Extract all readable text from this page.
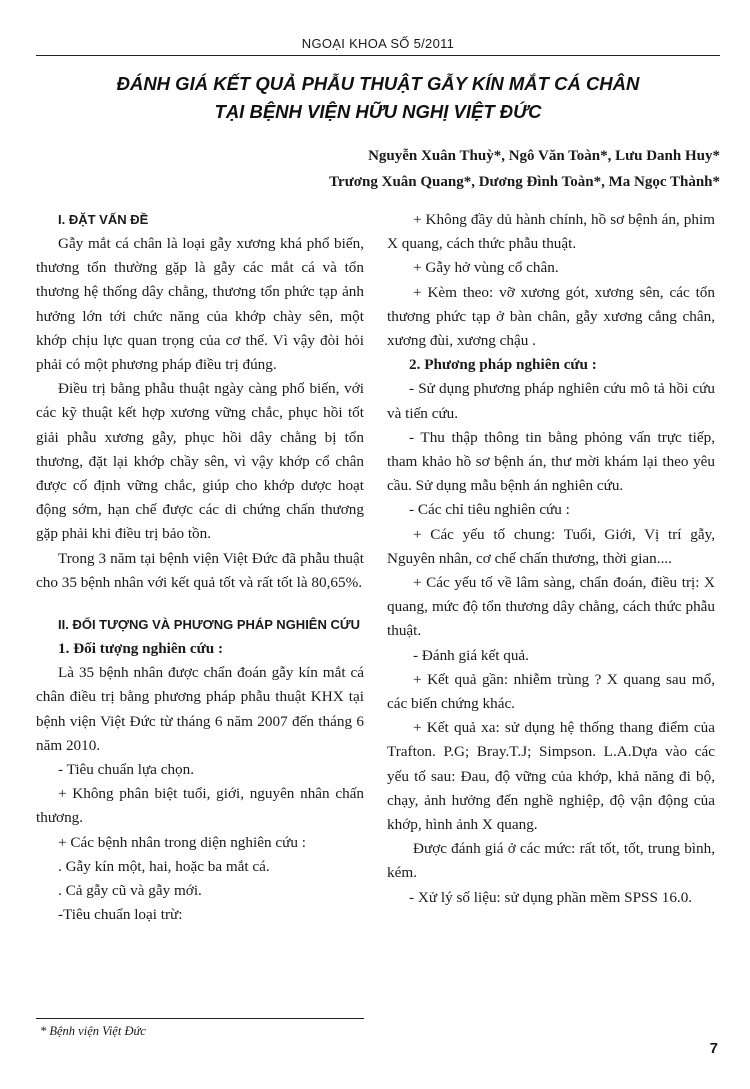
NGOẠI KHOA SỐ 5/2011
ĐÁNH GIÁ KẾT QUẢ PHẪU THUẬT GẪY KÍN MẮT CÁ CHÂN
TẠI BỆNH VIỆN HỮU NGHỊ VIỆT ĐỨC
Nguyễn Xuân Thuỳ*, Ngô Văn Toàn*, Lưu Danh Huy*
Trương Xuân Quang*, Dương Đình Toàn*, Ma Ngọc Thành*

I. ĐẶT VẤN ĐỀ

Gẫy mắt cá chân là loại gẫy xương khá phổ biến, thương tổn thường gặp là gẫy các mắt cá và tổn thương hệ thống dây chằng, thương tổn phức tạp ảnh hưởng lớn tới chức năng của khớp chày sên, một khớp chịu lực quan trọng của cơ thể. Vì vậy đòi hỏi phải có một phương pháp điều trị đúng.

Điều trị bằng phẫu thuật ngày càng phổ biến, với các kỹ thuật kết hợp xương vững chắc, phục hồi tốt giải phẫu xương gẫy, phục hồi dây chằng bị tổn thương, đặt lại khớp chầy sên, vì vậy khớp cổ chân được cố định vững chắc, giúp cho khớp dược hoạt động sớm, hạn chế được các di chứng chấn thương gặp phải khi điều trị bảo tồn.

Trong 3 năm tại bệnh viện Việt Đức đã phẫu thuật cho 35 bệnh nhân với kết quả tốt và rất tốt là 80,65%.

II. ĐỐI TƯỢNG VÀ PHƯƠNG PHÁP NGHIÊN CỨU

1. Đối tượng nghiên cứu :

Là 35 bệnh nhân được chẩn đoán gẫy kín mắt cá chân điều trị bằng phương pháp phẫu thuật KHX tại bệnh viện Việt Đức từ tháng 6 năm 2007 đến tháng 6 năm 2010.

- Tiêu chuẩn lựa chọn.

+ Không phân biệt tuổi, giới, nguyên nhân chấn thương.

+ Các bệnh nhân trong diện nghiên cứu :

. Gẫy kín một, hai, hoặc ba mắt cá.

. Cả gẫy cũ và gẫy mới.

-Tiêu chuẩn loại trừ:

+ Không đầy dủ hành chính, hồ sơ bệnh án, phim X quang, cách thức phẫu thuật.

+ Gẫy hở vùng cổ chân.

+ Kèm theo: vỡ xương gót, xương sên, các tổn thương phức tạp ở bàn chân, gẫy xương cẳng chân, xương đùi, xương chậu .

2. Phương pháp nghiên cứu :

- Sử dụng phương pháp nghiên cứu mô tả hồi cứu và tiến cứu.

- Thu thập thông tin bằng phỏng vấn trực tiếp, tham khảo hồ sơ bệnh án, thư mời khám lại theo yêu cầu. Sử dụng mẫu bệnh án nghiên cứu.

- Các chỉ tiêu nghiên cứu :

+ Các yếu tố chung: Tuổi, Giới, Vị trí gẫy, Nguyên nhân, cơ chế chấn thương, thời gian....

+ Các yếu tố về lâm sàng, chẩn đoán, điều trị: X quang, mức độ tổn thương dây chằng, cách thức phẫu thuật.

- Đánh giá kết quả.

+ Kết quả gần: nhiễm trùng ? X quang sau mổ, các biến chứng khác.

+ Kết quả xa: sử dụng hệ thống thang điểm của Trafton. P.G; Bray.T.J; Simpson. L.A.Dựa vào các yếu tố sau: Đau, độ vững của khớp, khả năng đi bộ, chạy, ảnh hưởng đến nghề nghiệp, độ vận động của khớp, hình ảnh X quang.

Được đánh giá ở các mức: rất tốt, tốt, trung bình, kém.

- Xử lý số liệu: sử dụng phần mềm SPSS 16.0.

* Bệnh viện Việt Đức
7
